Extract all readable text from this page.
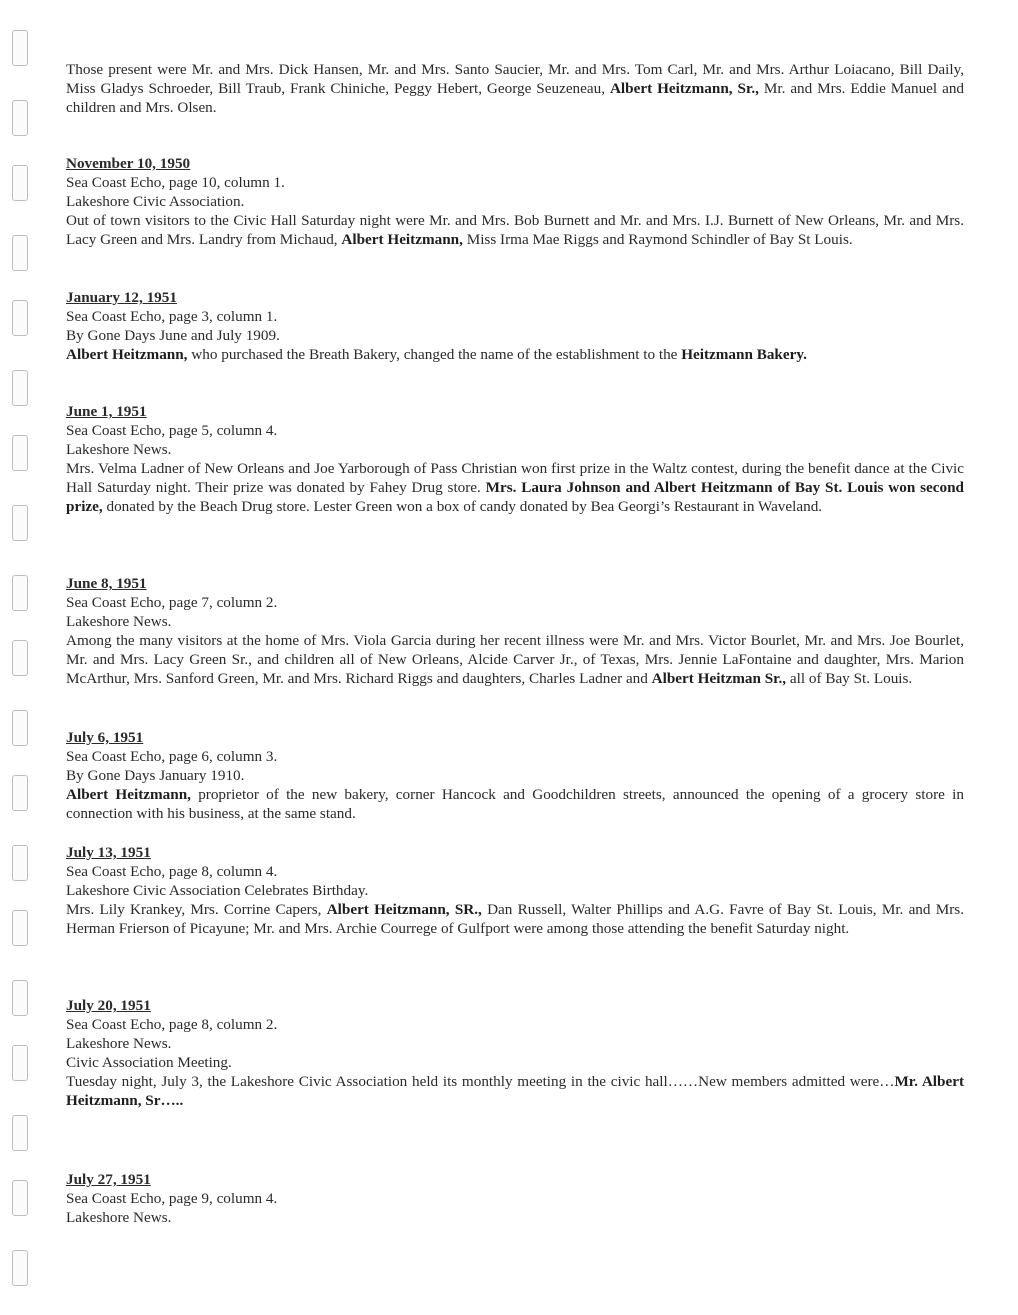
Those present were Mr. and Mrs. Dick Hansen, Mr. and Mrs. Santo Saucier, Mr. and Mrs. Tom Carl, Mr. and Mrs. Arthur Loiacano, Bill Daily, Miss Gladys Schroeder, Bill Traub, Frank Chiniche, Peggy Hebert, George Seuzeneau, Albert Heitzmann, Sr., Mr. and Mrs. Eddie Manuel and children and Mrs. Olsen.

November 10, 1950
Sea Coast Echo, page 10, column 1.
Lakeshore Civic Association.
Out of town visitors to the Civic Hall Saturday night were Mr. and Mrs. Bob Burnett and Mr. and Mrs. I.J. Burnett of New Orleans, Mr. and Mrs. Lacy Green and Mrs. Landry from Michaud, Albert Heitzmann, Miss Irma Mae Riggs and Raymond Schindler of Bay St Louis.
January 12, 1951
Sea Coast Echo, page 3, column 1.
By Gone Days June and July 1909.
Albert Heitzmann, who purchased the Breath Bakery, changed the name of the establishment to the Heitzmann Bakery.
June 1, 1951
Sea Coast Echo, page 5, column 4.
Lakeshore News.
Mrs. Velma Ladner of New Orleans and Joe Yarborough of Pass Christian won first prize in the Waltz contest, during the benefit dance at the Civic Hall Saturday night. Their prize was donated by Fahey Drug store. Mrs. Laura Johnson and Albert Heitzmann of Bay St. Louis won second prize, donated by the Beach Drug store. Lester Green won a box of candy donated by Bea Georgi’s Restaurant in Waveland.
June 8, 1951
Sea Coast Echo, page 7, column 2.
Lakeshore News.
Among the many visitors at the home of Mrs. Viola Garcia during her recent illness were Mr. and Mrs. Victor Bourlet, Mr. and Mrs. Joe Bourlet, Mr. and Mrs. Lacy Green Sr., and children all of New Orleans, Alcide Carver Jr., of Texas, Mrs. Jennie LaFontaine and daughter, Mrs. Marion McArthur, Mrs. Sanford Green, Mr. and Mrs. Richard Riggs and daughters, Charles Ladner and Albert Heitzman Sr., all of Bay St. Louis.
July 6, 1951
Sea Coast Echo, page 6, column 3.
By Gone Days January 1910.
Albert Heitzmann, proprietor of the new bakery, corner Hancock and Goodchildren streets, announced the opening of a grocery store in connection with his business, at the same stand.
July 13, 1951
Sea Coast Echo, page 8, column 4.
Lakeshore Civic Association Celebrates Birthday.
Mrs. Lily Krankey, Mrs. Corrine Capers, Albert Heitzmann, SR., Dan Russell, Walter Phillips and A.G. Favre of Bay St. Louis, Mr. and Mrs. Herman Frierson of Picayune; Mr. and Mrs. Archie Courrege of Gulfport were among those attending the benefit Saturday night.
July 20, 1951
Sea Coast Echo, page 8, column 2.
Lakeshore News.
Civic Association Meeting.
Tuesday night, July 3, the Lakeshore Civic Association held its monthly meeting in the civic hall……New members admitted were…Mr. Albert Heitzmann, Sr…..
July 27, 1951
Sea Coast Echo, page 9, column 4.
Lakeshore News.
